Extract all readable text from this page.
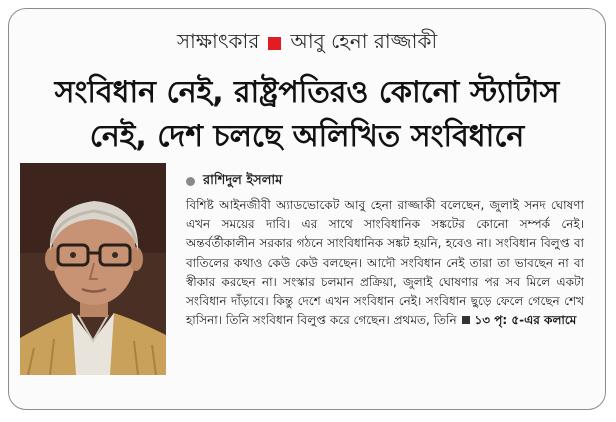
সাক্ষাৎকার আবু হেনা রাজ্জাকী
সংবিধান নেই, রাষ্ট্রপতিরও কোনো স্ট্যাটাস
নেই, দেশ চলছে অলিখিত সংবিধানে
রাশিদুল ইসলাম

বিশিষ্ট আইনজীবী অ্যাডভোকেট আবু হেনা রাজ্জাকী বলেছেন, জুলাই সনদ ঘোষণা এখন সময়ের দাবি। এর সাথে সাংবিধানিক সঙ্কটের কোনো সম্পর্ক নেই। অন্তর্বর্তীকালীন সরকার গঠনে সাংবিধানিক সঙ্কট হয়নি, হবেও না। সংবিধান বিলুপ্ত বা বাতিলের কথাও কেউ কেউ বলছেন। আদৌ সংবিধান নেই তারা তা ভাবছেন না বা স্বীকার করছেন না। সংস্কার চলমান প্রক্রিয়া, জুলাই ঘোষণার পর সব মিলে একটা সংবিধান দাঁড়াবে। কিন্তু দেশে এখন সংবিধান নেই। সংবিধান ছুড়ে ফেলে গেছেন শেখ হাসিনা। তিনি সংবিধান বিলুপ্ত করে গেছেন। প্রথমত, তিনি ১৩ পৃ: ৫-এর কলামে
